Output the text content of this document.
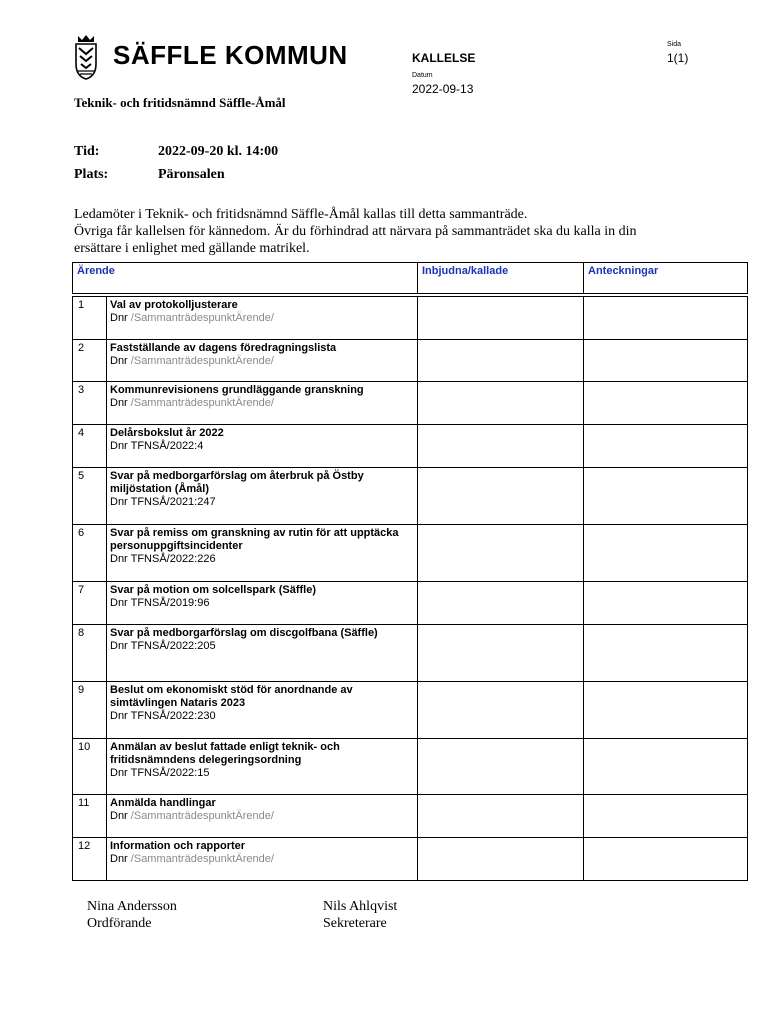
SÄFFLE KOMMUN	KALLELSE
Datum
2022-09-13
Sida
1(1)
Teknik- och fritidsnämnd Säffle-Åmål
Tid:	2022-09-20 kl. 14:00
Plats:	Päronsalen
Ledamöter i Teknik- och fritidsnämnd Säffle-Åmål kallas till detta sammanträde.
Övriga får kallelsen för kännedom. Är du förhindrad att närvara på sammanträdet ska du kalla in din
ersättare i enlighet med gällande matrikel.
Ärende		Inbjudna/kallade	Anteckningar

1	Val av protokolljusterare
Dnr /SammanträdespunktÄrende/		

2	Fastställande av dagens föredragningslista
Dnr /SammanträdespunktÄrende/		

3	Kommunrevisionens grundläggande granskning
Dnr /SammanträdespunktÄrende/		

4	Delårsbokslut år 2022
Dnr TFNSÅ/2022:4		

5	Svar på medborgarförslag om återbruk på Östby miljöstation (Åmål)
Dnr TFNSÅ/2021:247		

6	Svar på remiss om granskning av rutin för att upptäcka personuppgiftsincidenter
Dnr TFNSÅ/2022:226		

7	Svar på motion om solcellspark (Säffle)
Dnr TFNSÅ/2019:96		

8	Svar på medborgarförslag om discgolfbana (Säffle)
Dnr TFNSÅ/2022:205		

9	Beslut om ekonomiskt stöd för anordnande av simtävlingen Nataris 2023
Dnr TFNSÅ/2022:230		

10	Anmälan av beslut fattade enligt teknik- och fritidsnämndens delegeringsordning
Dnr TFNSÅ/2022:15		

11	Anmälda handlingar
Dnr /SammanträdespunktÄrende/		

12	Information och rapporter
Dnr /SammanträdespunktÄrende/		

Nina Andersson
Ordförande
Nils Ahlqvist
Sekreterare
